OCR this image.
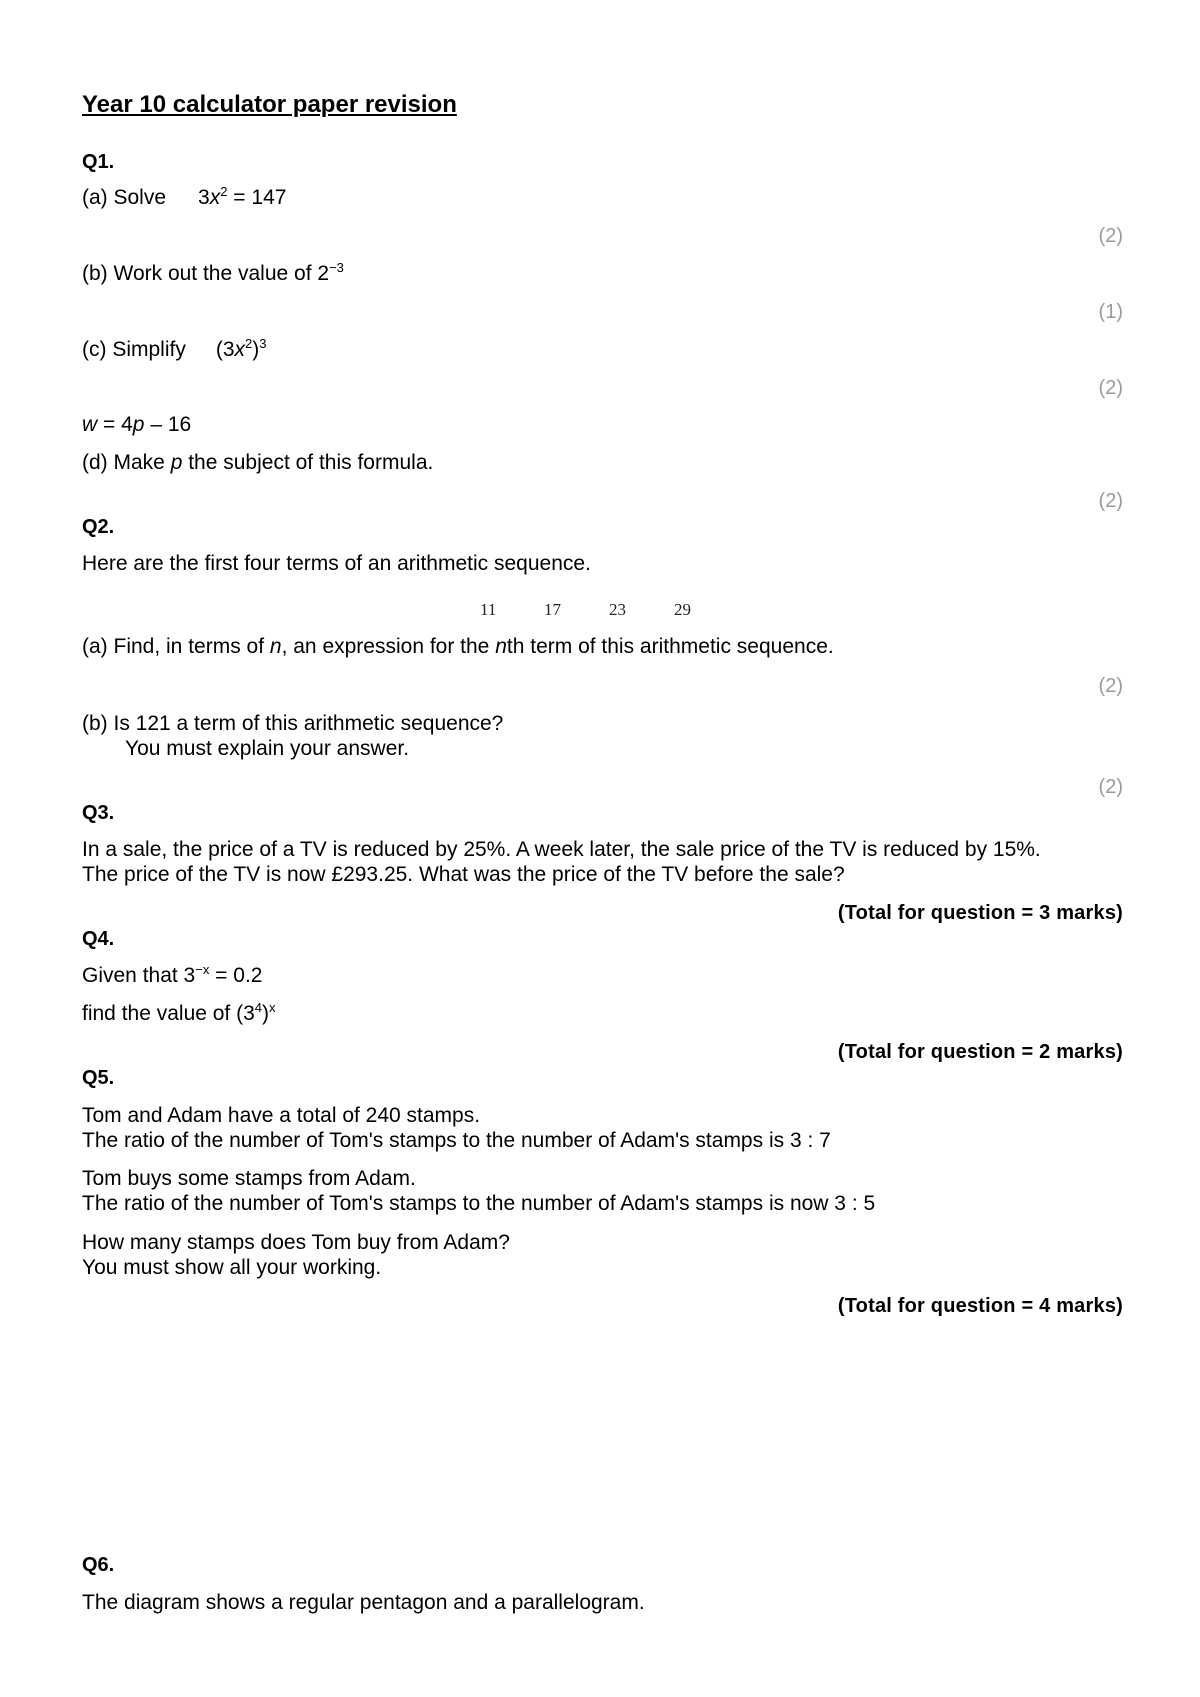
Year 10 calculator paper revision
Q1.
(a) Solve $3x^2 = 147$
(2)
(b) Work out the value of $2^{-3}$
(1)
(c) Simplify $(3x^2)^3$
(2)
w = 4p – 16
(d) Make p the subject of this formula.
(2)
Q2.
Here are the first four terms of an arithmetic sequence.
11	17	23	29
(a) Find, in terms of n, an expression for the nth term of this arithmetic sequence.
(2)
(b) Is 121 a term of this arithmetic sequence?
You must explain your answer.
(2)
Q3.
In a sale, the price of a TV is reduced by 25%. A week later, the sale price of the TV is reduced by 15%.
The price of the TV is now £293.25. What was the price of the TV before the sale?
(Total for question = 3 marks)
Q4.
Given that $3^{-x} = 0.2$
find the value of $(3^4)^x$
(Total for question = 2 marks)
Q5.
Tom and Adam have a total of 240 stamps.
The ratio of the number of Tom's stamps to the number of Adam's stamps is 3 : 7
Tom buys some stamps from Adam.
The ratio of the number of Tom's stamps to the number of Adam's stamps is now 3 : 5
How many stamps does Tom buy from Adam?
You must show all your working.
(Total for question = 4 marks)
Q6.
The diagram shows a regular pentagon and a parallelogram.
